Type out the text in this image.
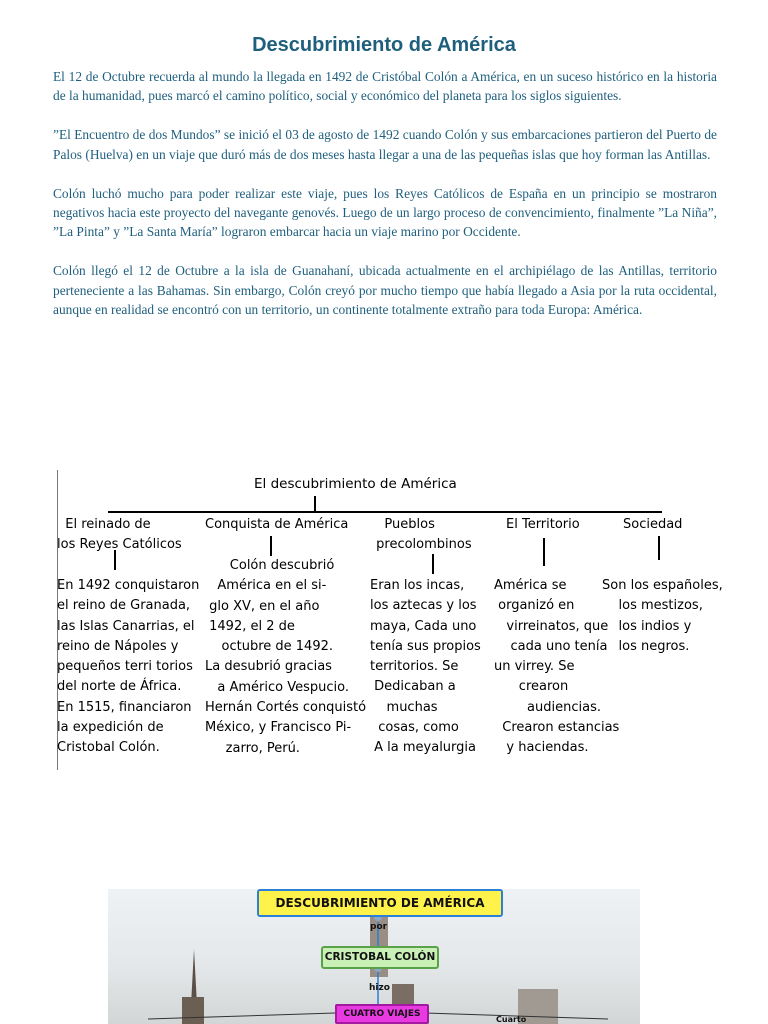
Descubrimiento de América

El 12 de Octubre recuerda al mundo la llegada en 1492 de Cristóbal Colón a América, en un suceso histórico en la historia de la humanidad, pues marcó el camino político, social y económico del planeta para los siglos siguientes.

”El Encuentro de dos Mundos” se inició el 03 de agosto de 1492 cuando Colón y sus embarcaciones partieron del Puerto de Palos (Huelva) en un viaje que duró más de dos meses hasta llegar a una de las pequeñas islas que hoy forman las Antillas.

Colón luchó mucho para poder realizar este viaje, pues los Reyes Católicos de España en un principio se mostraron negativos hacia este proyecto del navegante genovés. Luego de un largo proceso de convencimiento, finalmente ”La Niña”, ”La Pinta” y ”La Santa María” lograron embarcar hacia un viaje marino por Occidente.

Colón llegó el 12 de Octubre a la isla de Guanahaní, ubicada actualmente en el archipiélago de las Antillas, territorio perteneciente a las Bahamas. Sin embargo, Colón creyó por mucho tiempo que había llegado a Asia por la ruta occidental, aunque en realidad se encontró con un territorio, un continente totalmente extraño para toda Europa: América.

El descubrimiento de América
El reinado de
los Reyes Católicos
Conquista de América	Pueblos
precolombinos
El Territorio	Sociedad
En 1492 conquistaron
el reino de Granada,
las Islas Canarrias, el
reino de Nápoles y
pequeños terri torios
del norte de África.
En 1515, financiaron
la expedición de
Cristobal Colón.
Colón descubrió
América en el si-
glo XV, en el año
1492, el 2 de
octubre de 1492.
La desubrió gracias
a Américo Vespucio.
Hernán Cortés conquistó
México, y Francisco Pi-
zarro, Perú.
Eran los incas,
los aztecas y los
maya, Cada uno
tenía sus propios
territorios. Se
Dedicaban a
muchas
cosas, como
A la meyalurgia
América se
organizó en
virreinatos, que
cada uno tenía
un virrey. Se
crearon
audiencias.
Crearon estancias
y haciendas.
Son los españoles,
los mestizos,
los indios y
los negros.
DESCUBRIMIENTO DE AMÉRICA
por
CRISTOBAL COLÓN
hizo
CUATRO VIAJES
Cuarto
